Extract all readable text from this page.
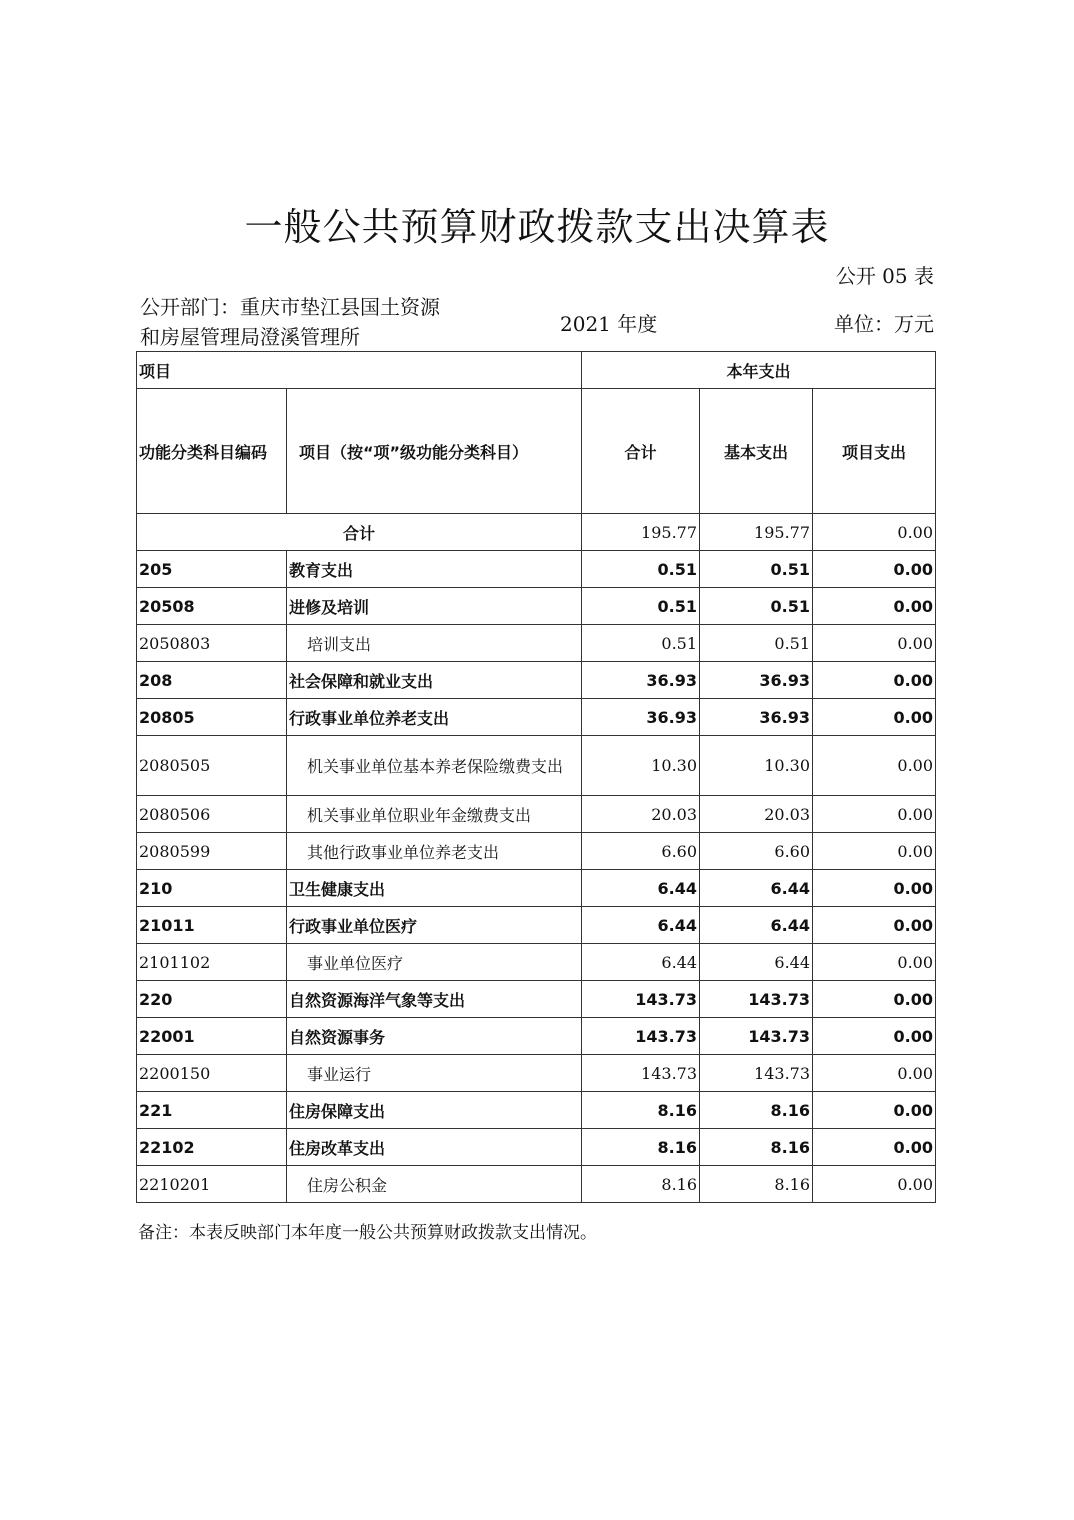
一般公共预算财政拨款支出决算表
公开 05 表
公开部门：重庆市垫江县国土资源
和房屋管理局澄溪管理所
2021 年度	单位：万元
项目		本年支出		
功能分类科目编码	项目（按“项”级功能分类科目）	合计	基本支出	项目支出
合计		195.77	195.77	0.00
205	教育支出	0.51	0.51	0.00
20508	进修及培训	0.51	0.51	0.00
2050803	培训支出	0.51	0.51	0.00
208	社会保障和就业支出	36.93	36.93	0.00
20805	行政事业单位养老支出	36.93	36.93	0.00
2080505	机关事业单位基本养老保险缴费支出	10.30	10.30	0.00
2080506	机关事业单位职业年金缴费支出	20.03	20.03	0.00
2080599	其他行政事业单位养老支出	6.60	6.60	0.00
210	卫生健康支出	6.44	6.44	0.00
21011	行政事业单位医疗	6.44	6.44	0.00
2101102	事业单位医疗	6.44	6.44	0.00
220	自然资源海洋气象等支出	143.73	143.73	0.00
22001	自然资源事务	143.73	143.73	0.00
2200150	事业运行	143.73	143.73	0.00
221	住房保障支出	8.16	8.16	0.00
22102	住房改革支出	8.16	8.16	0.00
2210201	住房公积金	8.16	8.16	0.00
备注：本表反映部门本年度一般公共预算财政拨款支出情况。
